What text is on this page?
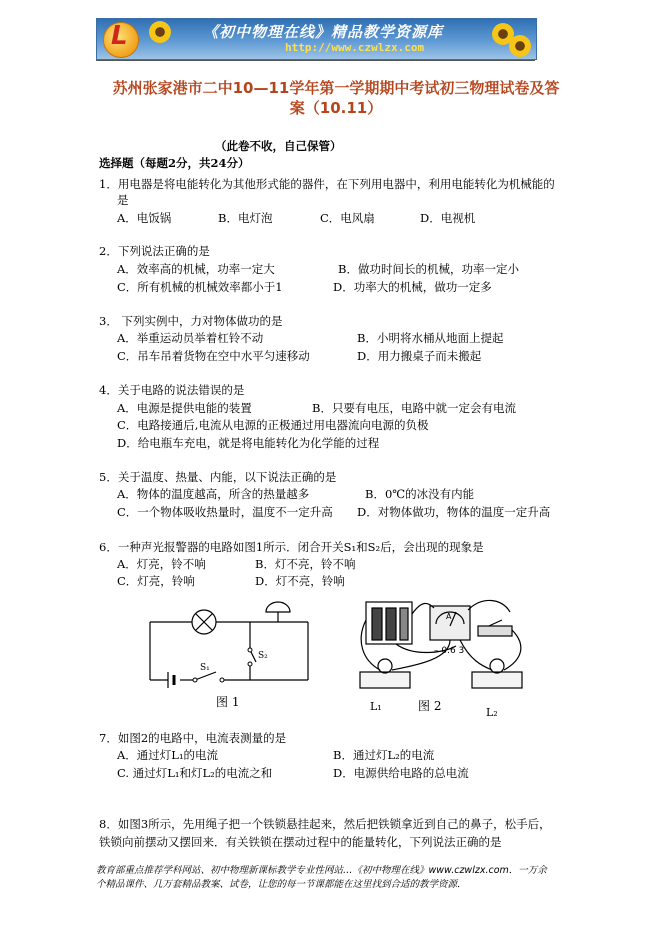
L	《初中物理在线》精品教学资源库
http://www.czwlzx.com
苏州张家港市二中10—11学年第一学期期中考试初三物理试卷及答
案（10.11）
（此卷不收，自己保管）
选择题（每题2分，共24分）
1．用电器是将电能转化为其他形式能的器件，在下列用电器中，利用电能转化为机械能的
是
A．电饭锅	B．电灯泡	C．电风扇	D．电视机
2．下列说法正确的是
A．效率高的机械，功率一定大	B．做功时间长的机械，功率一定小
C．所有机械的机械效率都小于1	D．功率大的机械，做功一定多
3． 下列实例中，力对物体做功的是
A．举重运动员举着杠铃不动	B．小明将水桶从地面上提起
C．吊车吊着货物在空中水平匀速移动	D．用力搬桌子而未搬起
4．关于电路的说法错误的是
A．电源是提供电能的装置	B．只要有电压，电路中就一定会有电流
C．电路接通后,电流从电源的正极通过用电器流向电源的负极
D．给电瓶车充电，就是将电能转化为化学能的过程
5．关于温度、热量、内能，以下说法正确的是
A．物体的温度越高，所含的热量越多	B．0℃的冰没有内能
C．一个物体吸收热量时，温度不一定升高 D．对物体做功，物体的温度一定升高
6．一种声光报警器的电路如图1所示．闭合开关S₁和S₂后，会出现的现象是
A．灯亮，铃不响	B．灯不亮，铃不响
C．灯亮，铃响	D．灯不亮，铃响
S₁
S₂
图 1
– 0.6 3
A
L₁	图 2	L₂
7．如图2的电路中，电流表测量的是
A．通过灯L₁的电流	B．通过灯L₂的电流
C. 通过灯L₁和灯L₂的电流之和	D．电源供给电路的总电流
8．如图3所示，先用绳子把一个铁锁悬挂起来，然后把铁锁拿近到自己的鼻子，松手后，
铁锁向前摆动又摆回来．有关铁锁在摆动过程中的能量转化，下列说法正确的是
教育部重点推荐学科网站、初中物理新课标教学专业性网站…《初中物理在线》www.czwlzx.com．一万余
个精品课件、几万套精品教案、试卷，让您的每一节课都能在这里找到合适的教学资源．
